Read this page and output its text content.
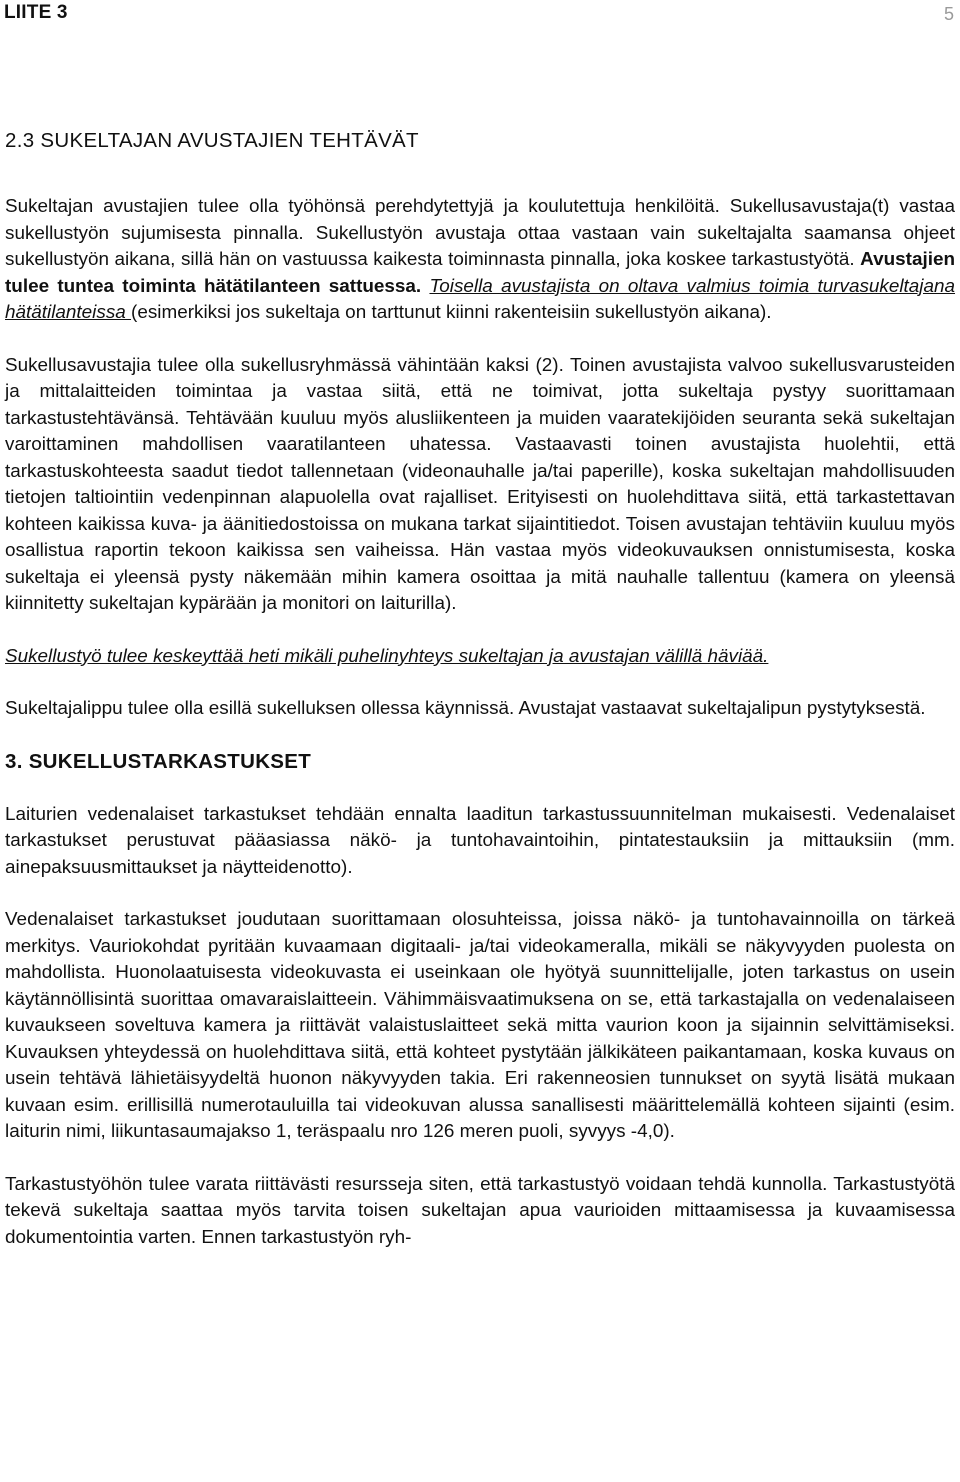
LIITE 3	5
2.3 SUKELTAJAN AVUSTAJIEN TEHTÄVÄT

Sukeltajan avustajien tulee olla työhönsä perehdytettyjä ja koulutettuja henkilöitä. Sukellusavustaja(t) vastaa sukellustyön sujumisesta pinnalla. Sukellustyön avustaja ottaa vastaan vain sukeltajalta saamansa ohjeet sukellustyön aikana, sillä hän on vastuussa kaikesta toiminnasta pinnalla, joka koskee tarkastustyötä. Avustajien tulee tuntea toiminta hätätilanteen sattuessa. Toisella avustajista on oltava valmius toimia turvasukeltajana hätätilanteissa (esimerkiksi jos sukeltaja on tarttunut kiinni rakenteisiin sukellustyön aikana).

Sukellusavustajia tulee olla sukellusryhmässä vähintään kaksi (2). Toinen avustajista valvoo sukellusvarusteiden ja mittalaitteiden toimintaa ja vastaa siitä, että ne toimivat, jotta sukeltaja pystyy suorittamaan tarkastustehtävänsä. Tehtävään kuuluu myös alusliikenteen ja muiden vaaratekijöiden seuranta sekä sukeltajan varoittaminen mahdollisen vaaratilanteen uhatessa. Vastaavasti toinen avustajista huolehtii, että tarkastuskohteesta saadut tiedot tallennetaan (videonauhalle ja/tai paperille), koska sukeltajan mahdollisuuden tietojen taltiointiin vedenpinnan alapuolella ovat rajalliset. Erityisesti on huolehdittava siitä, että tarkastettavan kohteen kaikissa kuva- ja äänitiedostoissa on mukana tarkat sijaintitiedot. Toisen avustajan tehtäviin kuuluu myös osallistua raportin tekoon kaikissa sen vaiheissa. Hän vastaa myös videokuvauksen onnistumisesta, koska sukeltaja ei yleensä pysty näkemään mihin kamera osoittaa ja mitä nauhalle tallentuu (kamera on yleensä kiinnitetty sukeltajan kypärään ja monitori on laiturilla).

Sukellustyö tulee keskeyttää heti mikäli puhelinyhteys sukeltajan ja avustajan välillä häviää.

Sukeltajalippu tulee olla esillä sukelluksen ollessa käynnissä. Avustajat vastaavat sukeltajalipun pystytyksestä.

3. SUKELLUSTARKASTUKSET

Laiturien vedenalaiset tarkastukset tehdään ennalta laaditun tarkastussuunnitelman mukaisesti. Vedenalaiset tarkastukset perustuvat pääasiassa näkö- ja tuntohavaintoihin, pintatestauksiin ja mittauksiin (mm. ainepaksuusmittaukset ja näytteidenotto).

Vedenalaiset tarkastukset joudutaan suorittamaan olosuhteissa, joissa näkö- ja tuntohavainnoilla on tärkeä merkitys. Vauriokohdat pyritään kuvaamaan digitaali- ja/tai videokameralla, mikäli se näkyvyyden puolesta on mahdollista. Huonolaatuisesta videokuvasta ei useinkaan ole hyötyä suunnittelijalle, joten tarkastus on usein käytännöllisintä suorittaa omavaraislaitteein. Vähimmäisvaatimuksena on se, että tarkastajalla on vedenalaiseen kuvaukseen soveltuva kamera ja riittävät valaistuslaitteet sekä mitta vaurion koon ja sijainnin selvittämiseksi. Kuvauksen yhteydessä on huolehdittava siitä, että kohteet pystytään jälkikäteen paikantamaan, koska kuvaus on usein tehtävä lähietäisyydeltä huonon näkyvyyden takia. Eri rakenneosien tunnukset on syytä lisätä mukaan kuvaan esim. erillisillä numerotauluilla tai videokuvan alussa sanallisesti määrittelemällä kohteen sijainti (esim. laiturin nimi, liikuntasaumajakso 1, teräspaalu nro 126 meren puoli, syvyys -4,0).

Tarkastustyöhön tulee varata riittävästi resursseja siten, että tarkastustyö voidaan tehdä kunnolla. Tarkastustyötä tekevä sukeltaja saattaa myös tarvita toisen sukeltajan apua vaurioiden mittaamisessa ja kuvaamisessa dokumentointia varten. Ennen tarkastustyön ryh-
